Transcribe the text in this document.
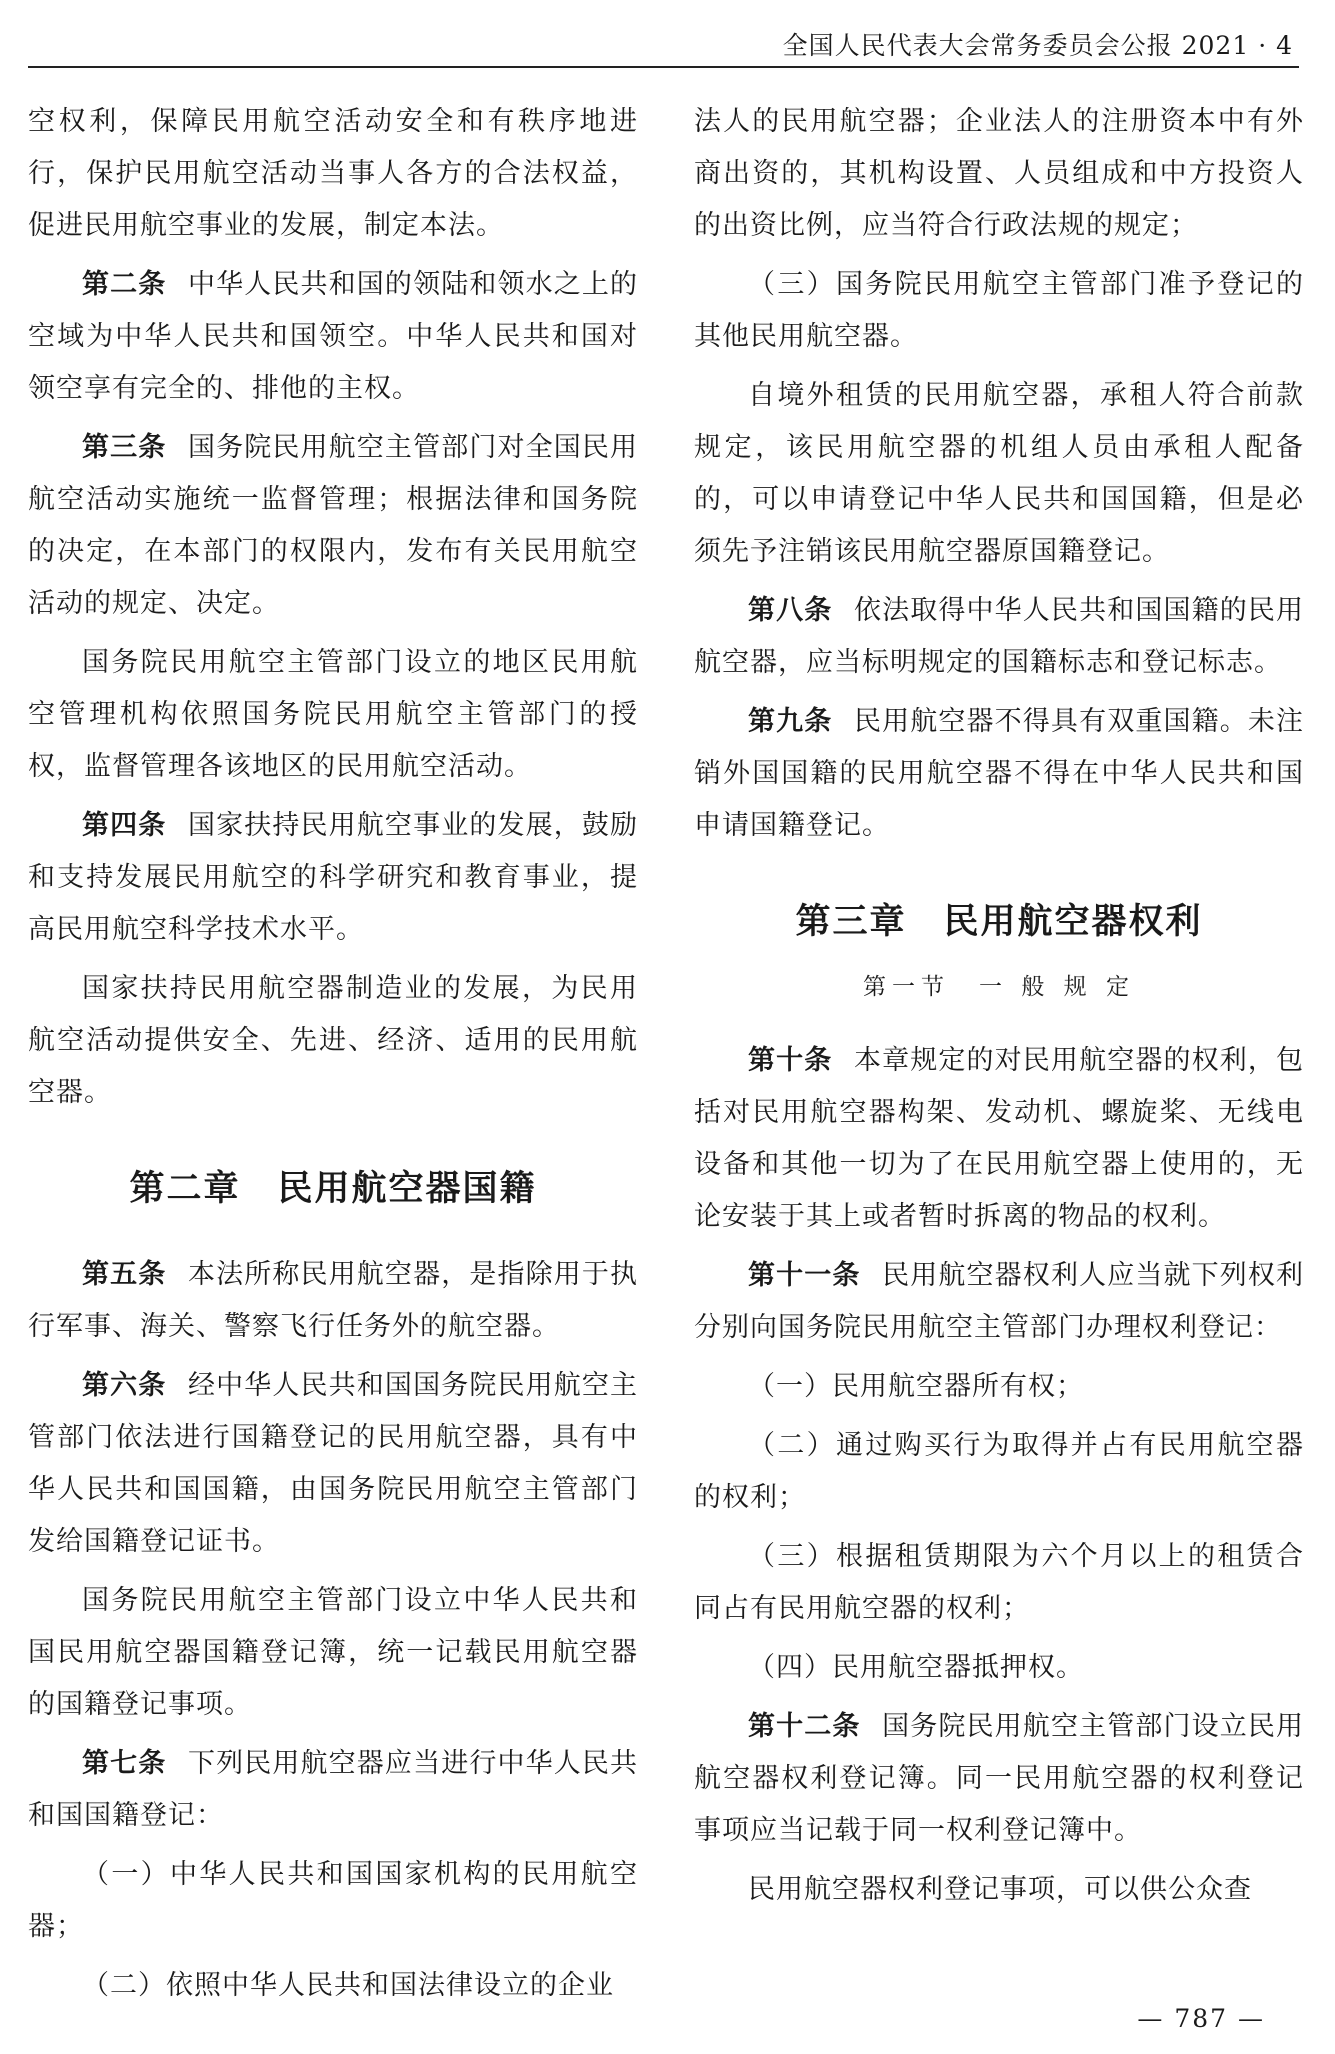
全国人民代表大会常务委员会公报 2021 · 4

空权利，保障民用航空活动安全和有秩序地进行，保护民用航空活动当事人各方的合法权益，促进民用航空事业的发展，制定本法。

第二条 中华人民共和国的领陆和领水之上的空域为中华人民共和国领空。中华人民共和国对领空享有完全的、排他的主权。

第三条 国务院民用航空主管部门对全国民用航空活动实施统一监督管理；根据法律和国务院的决定，在本部门的权限内，发布有关民用航空活动的规定、决定。

国务院民用航空主管部门设立的地区民用航空管理机构依照国务院民用航空主管部门的授权，监督管理各该地区的民用航空活动。

第四条 国家扶持民用航空事业的发展，鼓励和支持发展民用航空的科学研究和教育事业，提高民用航空科学技术水平。

国家扶持民用航空器制造业的发展，为民用航空活动提供安全、先进、经济、适用的民用航空器。

第二章　民用航空器国籍

第五条 本法所称民用航空器，是指除用于执行军事、海关、警察飞行任务外的航空器。

第六条 经中华人民共和国国务院民用航空主管部门依法进行国籍登记的民用航空器，具有中华人民共和国国籍，由国务院民用航空主管部门发给国籍登记证书。

国务院民用航空主管部门设立中华人民共和国民用航空器国籍登记簿，统一记载民用航空器的国籍登记事项。

第七条 下列民用航空器应当进行中华人民共和国国籍登记：

（一）中华人民共和国国家机构的民用航空器；

（二）依照中华人民共和国法律设立的企业

法人的民用航空器；企业法人的注册资本中有外商出资的，其机构设置、人员组成和中方投资人的出资比例，应当符合行政法规的规定；

（三）国务院民用航空主管部门准予登记的其他民用航空器。

自境外租赁的民用航空器，承租人符合前款规定，该民用航空器的机组人员由承租人配备的，可以申请登记中华人民共和国国籍，但是必须先予注销该民用航空器原国籍登记。

第八条 依法取得中华人民共和国国籍的民用航空器，应当标明规定的国籍标志和登记标志。

第九条 民用航空器不得具有双重国籍。未注销外国国籍的民用航空器不得在中华人民共和国申请国籍登记。

第三章　民用航空器权利
第一节　一 般 规 定

第十条 本章规定的对民用航空器的权利，包括对民用航空器构架、发动机、螺旋桨、无线电设备和其他一切为了在民用航空器上使用的，无论安装于其上或者暂时拆离的物品的权利。

第十一条 民用航空器权利人应当就下列权利分别向国务院民用航空主管部门办理权利登记：

（一）民用航空器所有权；

（二）通过购买行为取得并占有民用航空器的权利；

（三）根据租赁期限为六个月以上的租赁合同占有民用航空器的权利；

（四）民用航空器抵押权。

第十二条 国务院民用航空主管部门设立民用航空器权利登记簿。同一民用航空器的权利登记事项应当记载于同一权利登记簿中。

民用航空器权利登记事项，可以供公众查

— 787 —
